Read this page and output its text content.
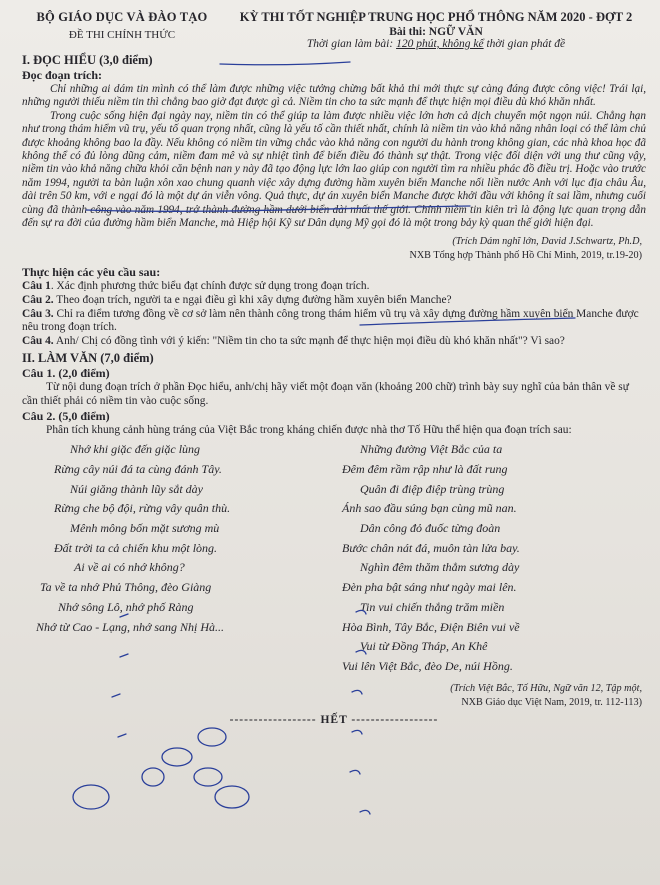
BỘ GIÁO DỤC VÀ ĐÀO TẠO
ĐỀ THI CHÍNH THỨC
KỲ THI TỐT NGHIỆP TRUNG HỌC PHỔ THÔNG NĂM 2020 - ĐỢT 2
Bài thi: NGỮ VĂN
Thời gian làm bài: 120 phút, không kể thời gian phát đề
I. ĐỌC HIỂU (3,0 điểm)
Đọc đoạn trích:

Chỉ những ai dám tin mình có thể làm được những việc tưởng chừng bất khả thi mới thực sự càng đáng được công việc! Trái lại, những người thiếu niềm tin thì chẳng bao giờ đạt được gì cả. Niềm tin cho ta sức mạnh để thực hiện mọi điều dù khó khăn nhất.

Trong cuộc sống hiện đại ngày nay, niềm tin có thể giúp ta làm được nhiều việc lớn hơn cả dịch chuyển một ngọn núi. Chẳng hạn như trong thám hiểm vũ trụ, yếu tố quan trọng nhất, cũng là yếu tố cần thiết nhất, chính là niềm tin vào khả năng nhân loại có thể làm chủ được khoảng không bao la đầy. Nếu không có niềm tin vững chắc vào khả năng con người du hành trong không gian, các nhà khoa học đã không thể có đủ lòng dũng cảm, niềm đam mê và sự nhiệt tình để biến điều đó thành sự thật. Trong việc đối diện với ung thư cũng vậy, niềm tin vào khả năng chữa khỏi căn bệnh nan y này đã tạo động lực lớn lao giúp con người tìm ra nhiều phác đồ điều trị. Hoặc vào trước năm 1994, người ta bàn luận xôn xao chung quanh việc xây dựng đường hầm xuyên biển Manche nối liền nước Anh với lục địa châu Âu, dài trên 50 km, với e ngại đó là một dự án viễn vông. Quả thực, dự án xuyên biển Manche được khởi đầu với không ít sai lầm, nhưng cuối cùng đã thành công vào năm 1994, trở thành đường hầm dưới biển dài nhất thế giới. Chính niềm tin kiên trì là động lực quan trọng dẫn đến sự ra đời của đường hầm biển Manche, mà Hiệp hội Kỹ sư Dân dụng Mỹ gọi đó là một trong bảy kỳ quan thế giới hiện đại.

(Trích Dám nghĩ lớn, David J.Schwartz, Ph.D,
NXB Tổng hợp Thành phố Hồ Chí Minh, 2019, tr.19-20)
Thực hiện các yêu cầu sau:

Câu 1. Xác định phương thức biểu đạt chính được sử dụng trong đoạn trích.

Câu 2. Theo đoạn trích, người ta e ngại điều gì khi xây dựng đường hầm xuyên biển Manche?

Câu 3. Chỉ ra điểm tương đồng về cơ sở làm nên thành công trong thám hiểm vũ trụ và xây dựng đường hầm xuyên biển Manche được nêu trong đoạn trích.

Câu 4. Anh/ Chị có đồng tình với ý kiến: "Niềm tin cho ta sức mạnh để thực hiện mọi điều dù khó khăn nhất"? Vì sao?

II. LÀM VĂN (7,0 điểm)
Câu 1. (2,0 điểm)

Từ nội dung đoạn trích ở phần Đọc hiểu, anh/chị hãy viết một đoạn văn (khoảng 200 chữ) trình bày suy nghĩ của bản thân về sự cần thiết phải có niềm tin vào cuộc sống.

Câu 2. (5,0 điểm)

Phân tích khung cảnh hùng tráng của Việt Bắc trong kháng chiến được nhà thơ Tố Hữu thể hiện qua đoạn trích sau:

Nhớ khi giặc đến giặc lùng
Rừng cây núi đá ta cùng đánh Tây.
Núi giăng thành lũy sắt dày
Rừng che bộ đội, rừng vây quân thù.
Mênh mông bốn mặt sương mù
Đất trời ta cả chiến khu một lòng.
Ai về ai có nhớ không?
Ta về ta nhớ Phủ Thông, đèo Giàng
Nhớ sông Lô, nhớ phố Ràng
Nhớ từ Cao - Lạng, nhớ sang Nhị Hà...
Những đường Việt Bắc của ta
Đêm đêm rầm rập như là đất rung
Quân đi điệp điệp trùng trùng
Ánh sao đầu súng bạn cùng mũ nan.
Dân công đỏ đuốc từng đoàn
Bước chân nát đá, muôn tàn lửa bay.
Nghìn đêm thăm thẳm sương dày
Đèn pha bật sáng như ngày mai lên.
Tin vui chiến thắng trăm miền
Hòa Bình, Tây Bắc, Điện Biên vui về
Vui từ Đồng Tháp, An Khê
Vui lên Việt Bắc, đèo De, núi Hồng.
(Trích Việt Bắc, Tố Hữu, Ngữ văn 12, Tập một,
NXB Giáo dục Việt Nam, 2019, tr. 112-113)
------------------ HẾT ------------------
